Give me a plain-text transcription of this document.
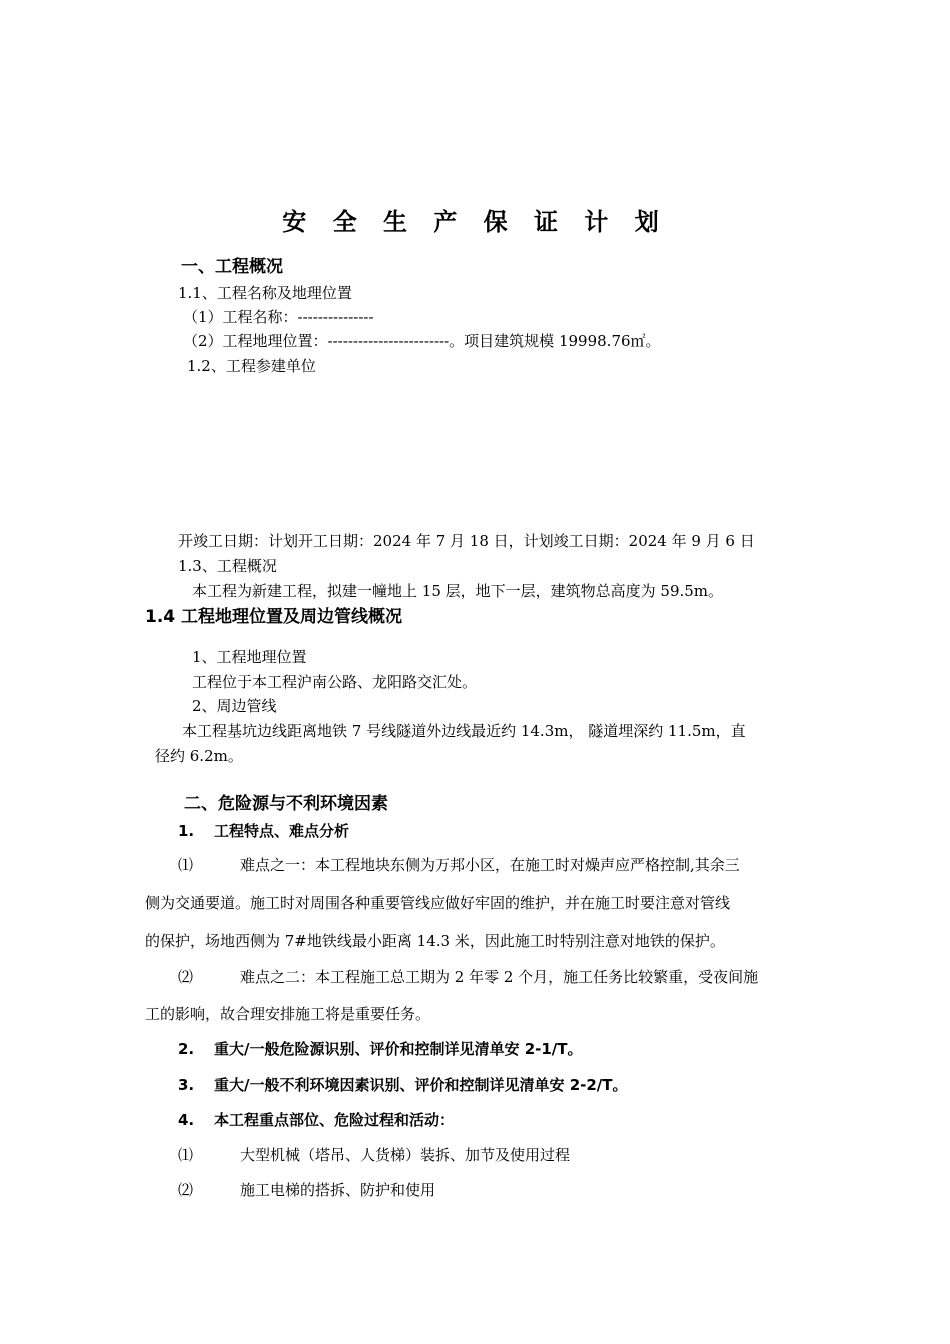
安 全 生 产 保 证 计 划
一、工程概况
1.1、工程名称及地理位置
（1）工程名称：---------------
（2）工程地理位置：------------------------。项目建筑规模 19998.76㎡。
1.2、工程参建单位
开竣工日期：计划开工日期：2024 年 7 月 18 日，计划竣工日期：2024 年 9 月 6 日
1.3、工程概况
本工程为新建工程，拟建一幢地上 15 层，地下一层，建筑物总高度为 59.5m。
1.4 工程地理位置及周边管线概况
1、工程地理位置
工程位于本工程沪南公路、龙阳路交汇处。
2、周边管线
本工程基坑边线距离地铁 7 号线隧道外边线最近约 14.3m， 隧道埋深约 11.5m，直
径约 6.2m。
二、危险源与不利环境因素
1. 工程特点、难点分析
⑴	难点之一：本工程地块东侧为万邦小区，在施工时对燥声应严格控制,其余三
侧为交通要道。施工时对周围各种重要管线应做好牢固的维护，并在施工时要注意对管线
的保护，场地西侧为 7#地铁线最小距离 14.3 米，因此施工时特别注意对地铁的保护。
⑵	难点之二：本工程施工总工期为 2 年零 2 个月，施工任务比较繁重，受夜间施
工的影响，故合理安排施工将是重要任务。
2. 重大/一般危险源识别、评价和控制详见清单安 2-1/T。
3. 重大/一般不利环境因素识别、评价和控制详见清单安 2-2/T。
4. 本工程重点部位、危险过程和活动：
⑴	大型机械（塔吊、人货梯）装拆、加节及使用过程
⑵	施工电梯的搭拆、防护和使用
